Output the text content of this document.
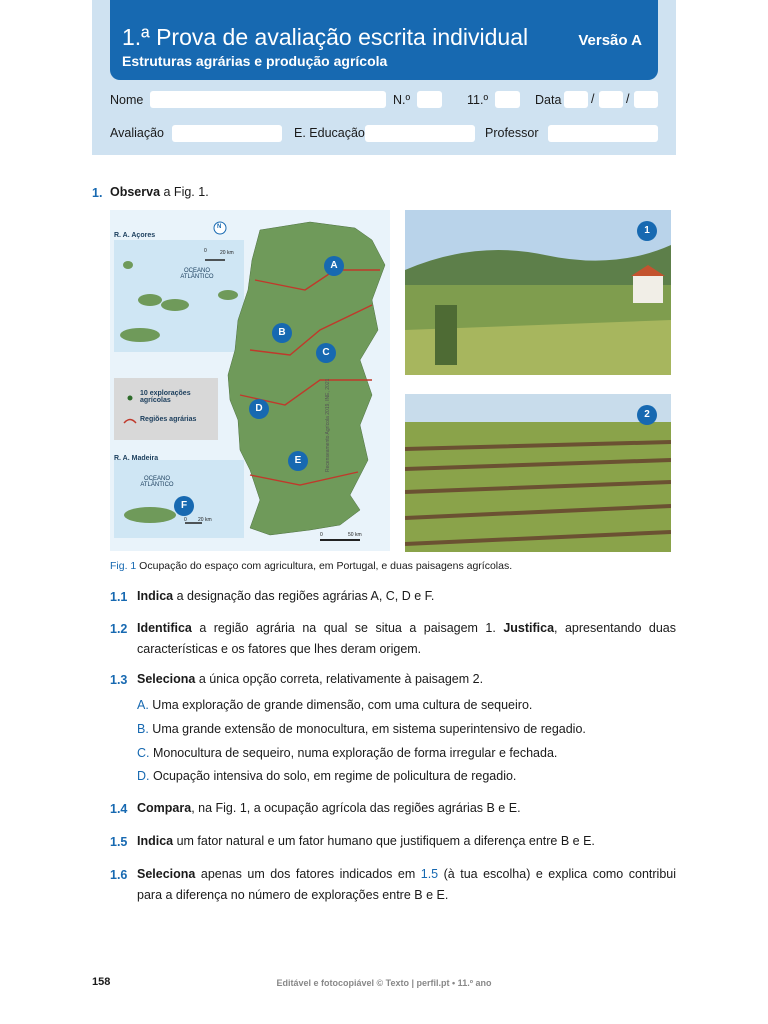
1.ª Prova de avaliação escrita individual	Versão A
Estruturas agrárias e produção agrícola
Nome	N.º	11.º	Data /	/
Avaliação	E. Educação	Professor
1. Observa a Fig. 1.
R. A. Açores
OCEANO ATLÂNTICO
0	20 km
N
10 explorações agrícolas
Regiões agrárias
R. A. Madeira
OCEANO ATLÂNTICO
0 20 km
0	50 km
Recenseamento Agrícola 2019, INE, 2021
A
B
C
D
E
F
1
2
Fig. 1 Ocupação do espaço com agricultura, em Portugal, e duas paisagens agrícolas.
1.1 Indica a designação das regiões agrárias A, C, D e F.
1.2 Identifica a região agrária na qual se situa a paisagem 1. Justifica, apresentando duas características e os fatores que lhes deram origem.
1.3 Seleciona a única opção correta, relativamente à paisagem 2.
A. Uma exploração de grande dimensão, com uma cultura de sequeiro.
B. Uma grande extensão de monocultura, em sistema superintensivo de regadio.
C. Monocultura de sequeiro, numa exploração de forma irregular e fechada.
D. Ocupação intensiva do solo, em regime de policultura de regadio.
1.4 Compara, na Fig. 1, a ocupação agrícola das regiões agrárias B e E.
1.5 Indica um fator natural e um fator humano que justifiquem a diferença entre B e E.
1.6 Seleciona apenas um dos fatores indicados em 1.5 (à tua escolha) e explica como contribui para a diferença no número de explorações entre B e E.
158	Editável e fotocopiável © Texto | perfil.pt • 11.º ano
